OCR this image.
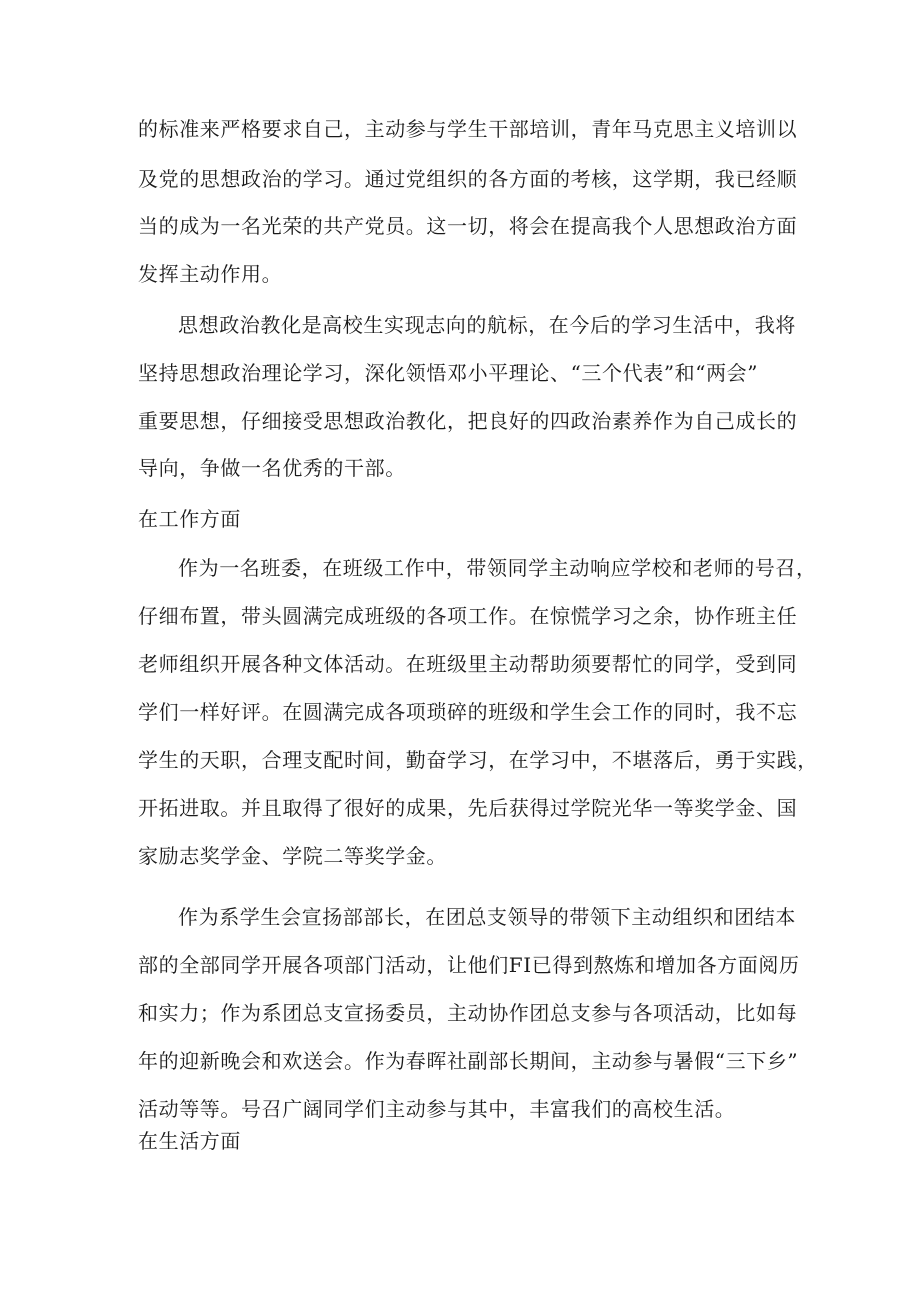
的标准来严格要求自己，主动参与学生干部培训，青年马克思主义培训以
及党的思想政治的学习。通过党组织的各方面的考核，这学期，我已经顺
当的成为一名光荣的共产党员。这一切，将会在提高我个人思想政治方面
发挥主动作用。
思想政治教化是高校生实现志向的航标，在今后的学习生活中，我将
坚持思想政治理论学习，深化领悟邓小平理论、“三个代表”和“两会”
重要思想，仔细接受思想政治教化，把良好的四政治素养作为自己成长的
导向，争做一名优秀的干部。
在工作方面
作为一名班委，在班级工作中，带领同学主动响应学校和老师的号召，
仔细布置，带头圆满完成班级的各项工作。在惊慌学习之余，协作班主任
老师组织开展各种文体活动。在班级里主动帮助须要帮忙的同学，受到同
学们一样好评。在圆满完成各项琐碎的班级和学生会工作的同时，我不忘
学生的天职，合理支配时间，勤奋学习，在学习中，不堪落后，勇于实践，
开拓进取。并且取得了很好的成果，先后获得过学院光华一等奖学金、国
家励志奖学金、学院二等奖学金。
作为系学生会宣扬部部长，在团总支领导的带领下主动组织和团结本
部的全部同学开展各项部门活动，让他们FI已得到熬炼和增加各方面阅历
和实力；作为系团总支宣扬委员，主动协作团总支参与各项活动，比如每
年的迎新晚会和欢送会。作为春晖社副部长期间，主动参与暑假“三下乡”
活动等等。号召广阔同学们主动参与其中，丰富我们的高校生活。
在生活方面
